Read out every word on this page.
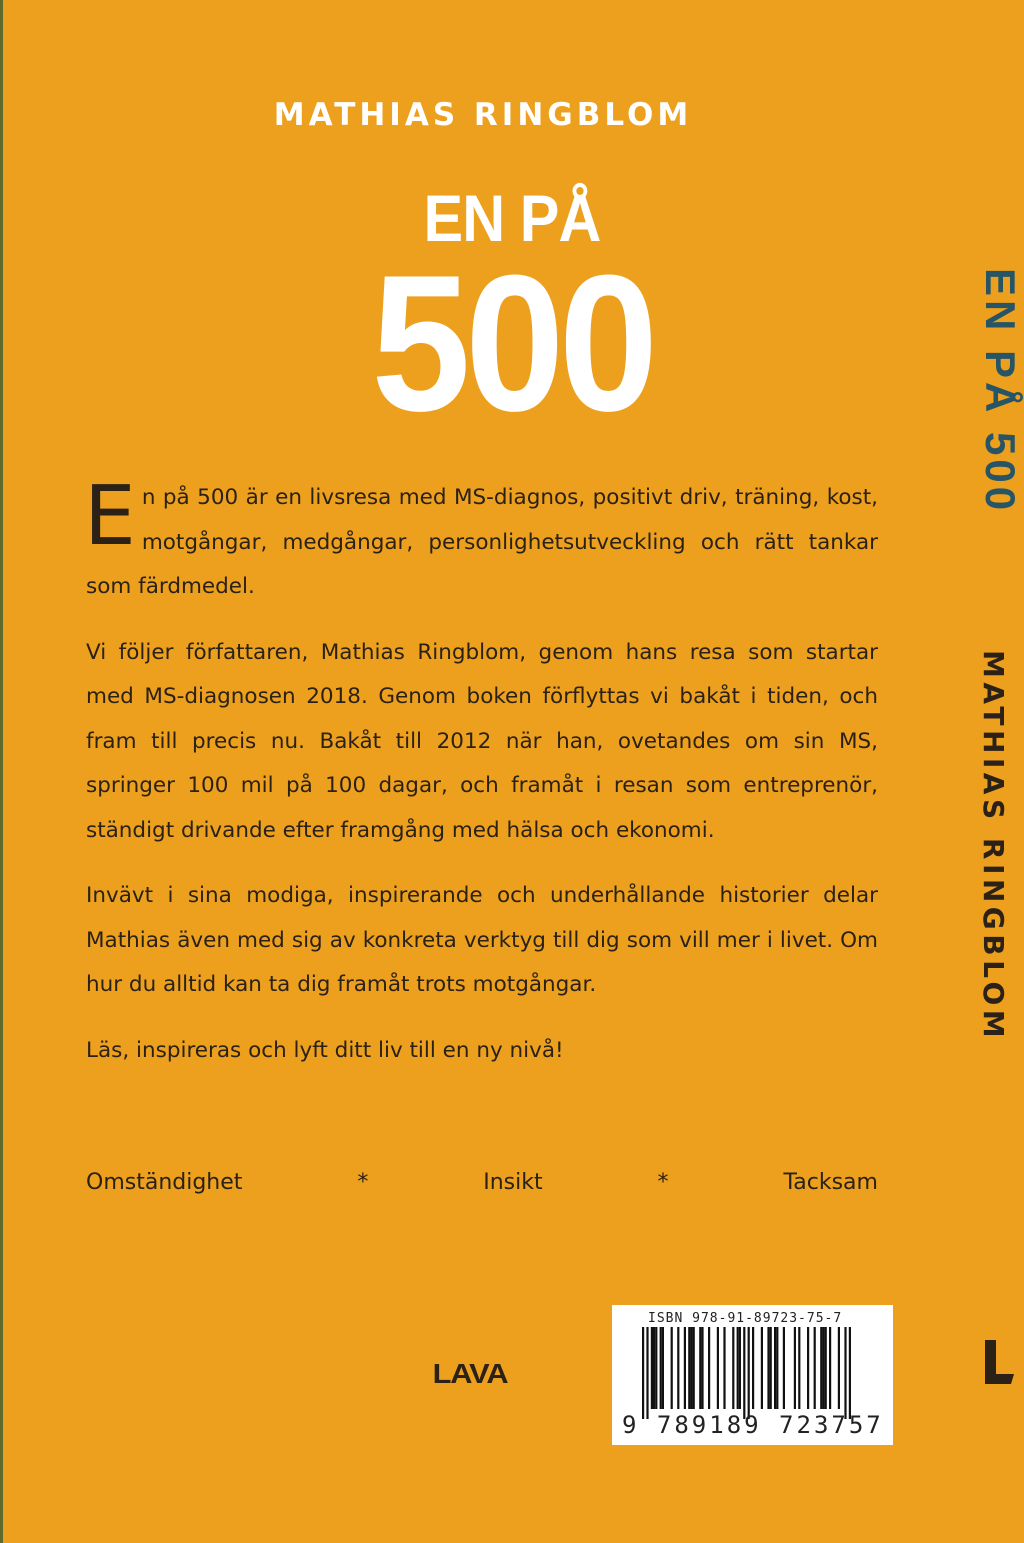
MATHIAS RINGBLOM
EN PÅ
500

En på 500 är en livsresa med MS-diagnos, positivt driv, träning, kost, motgångar, medgångar, personlighetsutveckling och rätt tankar som färdmedel.

Vi följer författaren, Mathias Ringblom, genom hans resa som startar med MS-diagnosen 2018. Genom boken förflyttas vi bakåt i tiden, och fram till precis nu. Bakåt till 2012 när han, ovetandes om sin MS, springer 100 mil på 100 dagar, och framåt i resan som entreprenör, ständigt drivande efter framgång med hälsa och ekonomi.

Invävt i sina modiga, inspirerande och underhållande historier delar Mathias även med sig av konkreta verktyg till dig som vill mer i livet. Om hur du alltid kan ta dig framåt trots motgångar.

Läs, inspireras och lyft ditt liv till en ny nivå!

Omständighet	*	Insikt	*	Tacksam
LAVA
ISBN 978-91-89723-75-7
9 789189 723757
EN PÅ 500
MATHIAS RINGBLOM
